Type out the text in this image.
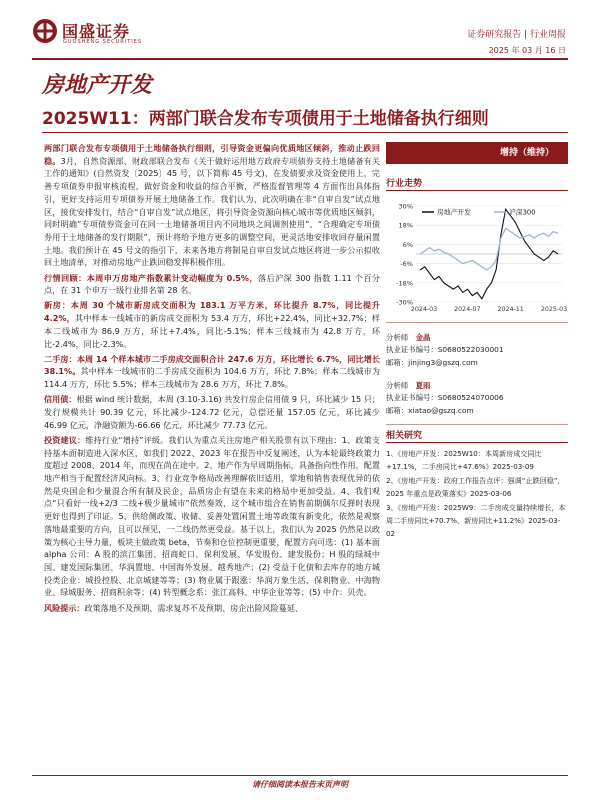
国盛证券
GUOSHENG SECURITIES
证券研究报告 | 行业周报
2025 年 03 月 16 日
房地产开发
2025W11：两部门联合发布专项债用于土地储备执行细则

两部门联合发布专项债用于土地储备执行细则，引导资金更偏向优质地区倾斜，推动止跌回稳。3月，自然资源部、财政部联合发布《关于做好运用地方政府专项债券支持土地储备有关工作的通知》(自然资发〔2025〕45 号，以下简称 45 号文)，在发债要求及资金使用上，完善专项债券申报审核流程，做好资金和收益的综合平衡，严格监督管理等 4 方面作出具体指引，更好支持运用专项债券开展土地储备工作。我们认为，此次明确在非“自审自发”试点地区，接优安排发行，结合“自审自发”试点地区，将引导资金资源向核心城市等优质地区倾斜，同时明确“专项债券资金可在同一土地储备项目内不同地块之间调剂使用”、“合理确定专项债券用于土地储备的发行期限”，预计将给予地方更多的调整空间，更灵活地安排收回存量闲置土地。我们预计在 45 号文的指引下，未来各地方将制是自审自发试点地区将进一步公示拟收回土地清单，对推动房地产止跌回稳发挥积极作用。

行情回顾：本周申万房地产指数累计变动幅度为 0.5%，落后沪深 300 指数 1.11 个百分点，在 31 个申万一级行业排名第 28 名。

新房：本周 30 个城市新房成交面积为 183.1 万平方米，环比提升 8.7%，同比提升 4.2%，其中样本一线城市的新房成交面积为 53.4 万方，环比+22.4%，同比+32.7%；样本二线城市为 86.9 万方，环比+7.4%，同比-5.1%；样本三线城市为 42.8 万方，环比-2.4%，同比-2.3%。

二手房：本周 14 个样本城市二手房成交面积合计 247.6 万方，环比增长 6.7%，同比增长 38.1%。其中样本一线城市的二手房成交面积为 104.6 万方，环比 7.8%；样本二线城市为 114.4 万方，环比 5.5%；样本三线城市为 28.6 万方，环比 7.8%。

信用债：根据 wind 统计数据，本周 (3.10-3.16) 共发行房企信用债 9 只，环比减少 15 只；发行规模共计 90.39 亿元，环比减少-124.72 亿元，总偿还量 157.05 亿元，环比减少 46.99 亿元，净融资额为-66.66 亿元，环比减少 77.73 亿元。

投资建议：维持行业“增持”评级。我们认为重点关注房地产相关股票有以下理由：1、政策支持基本面制造进入深水区，如我们 2022、2023 年在报告中反复阐述，认为本轮最终政策力度超过 2008、2014 年，而现在尚在途中。2、地产作为早周期指标，具备指向性作用，配置地产相当于配置经济风向标。3、行业竞争格局改善理解依旧适用，掌地和销售表现优异的依然是央国企和少量混合所有制及民企，品质房企有望在未来的格局中更加受益。4、我们观点“只看好一线+2/3 二线+极少量城市”依然奏效，这个城市组合在销售前期偶尔反弹时表现更好也得到了印证。5、供给侧政策、收储、妥善处置闲置土地等政策有新变化，依然是观察落地最重要的方向，且可以预见，一二线仍然更受益。基于以上，我们认为 2025 仍然是以政策为核心主导力量，板块主做政策 beta，节奏和仓位控制更重要，配置方向可选：(1) 基本面 alpha 公司：A 股的滨江集团、招商蛇口、保利发展、华发股份、建发股份；H 股的绿城中国、建发国际集团、华润置地、中国海外发展、越秀地产；(2) 受益于化债和去库存的地方城投类企业：城投控股、北京城建等等；(3) 物业属于跟涨：华润万象生活、保利物业、中海物业、绿城服务、招商积余等；(4) 转型概念系：张江高科、中华企业等等；(5) 中介：贝壳。

风险提示：政策落地不及预期、需求复苏不及预期、房企出险风险蔓延、

增持（维持）
行业走势
30%
18%
6%
-6%
-18%
-30%
2024-03	2024-07	2024-11	2025-03
房地产开发	沪深300
分析师  金晶
执业证书编号：S0680522030001
邮箱：jinjing3@gszq.com
分析师  夏雨
执业证书编号：S0680524070006
邮箱：xiatao@gszq.com
相关研究

1、《房地产开发：2025W10：本周新房成交同比+17.1%，二手房同比+47.6%》2025-03-09

2、《房地产开发：政府工作报告点评：强调“止跌回稳”，2025 年重点是政策落实》2025-03-06

3、《房地产开发：2025W9：二手房成交量持续增长，本周二手房同比+70.7%，新房同比+11.2%》2025-03-02

请仔细阅读本报告末页声明
